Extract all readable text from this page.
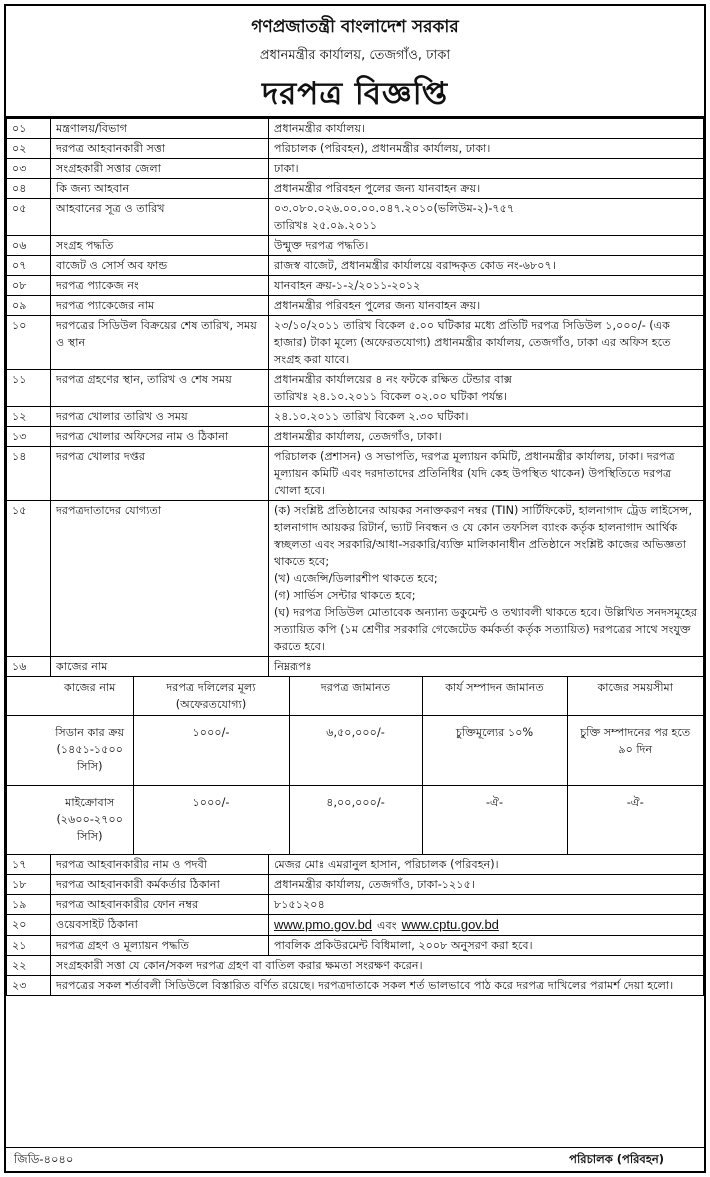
গণপ্রজাতন্ত্রী বাংলাদেশ সরকার
প্রধানমন্ত্রীর কার্যালয়, তেজগাঁও, ঢাকা
দরপত্র বিজ্ঞপ্তি
০১	মন্ত্রণালয়/বিভাগ	প্রধানমন্ত্রীর কার্যালয়।

০২	দরপত্র আহবানকারী সত্তা	পরিচালক (পরিবহন), প্রধানমন্ত্রীর কার্যালয়, ঢাকা।

০৩	সংগ্রহকারী সত্তার জেলা	ঢাকা।

০৪	কি জন্য আহবান	প্রধানমন্ত্রীর পরিবহন পুলের জন্য যানবাহন ক্রয়।

০৫	আহবানের সূত্র ও তারিখ	০৩.০৮০.০২৬.০০.০০.০৪৭.২০১০(ভলিউম-২)-৭৫৭
তারিখঃ ২৫.০৯.২০১১

০৬	সংগ্রহ পদ্ধতি	উন্মুক্ত দরপত্র পদ্ধতি।

০৭	বাজেট ও সোর্স অব ফান্ড	রাজস্ব বাজেট, প্রধানমন্ত্রীর কার্যালয়ে বরাদ্দকৃত কোড নং-৬৮০৭।

০৮	দরপত্র প্যাকেজ নং	যানবাহন ক্রয়-১-২/২০১১-২০১২

০৯	দরপত্র প্যাকেজের নাম	প্রধানমন্ত্রীর পরিবহন পুলের জন্য যানবাহন ক্রয়।

১০	দরপত্রের সিডিউল বিক্রয়ের শেষ তারিখ, সময় ও স্থান	
২৩/১০/২০১১ তারিখ বিকেল ৫.০০ ঘটিকার মধ্যে প্রতিটি দরপত্র সিডিউল ১,০০০/- (এক হাজার) টাকা মূল্যে (অফেরতযোগ্য) প্রধানমন্ত্রীর কার্যালয়, তেজগাঁও, ঢাকা এর অফিস হতে সংগ্রহ করা যাবে।

১১	দরপত্র গ্রহণের স্থান, তারিখ ও শেষ সময়	প্রধানমন্ত্রীর কার্যালয়ের ৪ নং ফটকে রক্ষিত টেন্ডার বাক্স
তারিখঃ ২৪.১০.২০১১ বিকেল ০২.০০ ঘটিকা পর্যন্ত।

১২	দরপত্র খোলার তারিখ ও সময়	২৪.১০.২০১১ তারিখ বিকেল ২.৩০ ঘটিকা।

১৩	দরপত্র খোলার অফিসের নাম ও ঠিকানা	প্রধানমন্ত্রীর কার্যালয়, তেজগাঁও, ঢাকা।

১৪	দরপত্র খোলার দপ্তর	পরিচালক (প্রশাসন) ও সভাপতি, দরপত্র মূল্যায়ন কমিটি, প্রধানমন্ত্রীর কার্যালয়, ঢাকা। দরপত্র মূল্যায়ন কমিটি এবং দরদাতাদের প্রতিনিধির (যদি কেহ উপস্থিত থাকেন) উপস্থিতিতে দরপত্র খোলা হবে।

১৫	দরপত্রদাতাদের যোগ্যতা	(ক) সংশ্লিষ্ট প্রতিষ্ঠানের আয়কর সনাক্তকরণ নম্বর (TIN) সার্টিফিকেট, হালনাগাদ ট্রেড লাইসেন্স, হালনাগাদ আয়কর রিটার্ন, ভ্যাট নিবন্ধন ও যে কোন তফসিল ব্যাংক কর্তৃক হালনাগাদ আর্থিক স্বচ্ছলতা এবং সরকারি/আধা-সরকারি/ব্যক্তি মালিকানাধীন প্রতিষ্ঠানে সংশ্লিষ্ট কাজের অভিজ্ঞতা থাকতে হবে;
(খ) এজেন্সি/ডিলারশীপ থাকতে হবে;
(গ) সার্ভিস সেন্টার থাকতে হবে;
(ঘ) দরপত্র সিডিউল মোতাবেক অন্যান্য ডকুমেন্ট ও তথ্যাবলী থাকতে হবে। উল্লিখিত সনদসমূহের সত্যায়িত কপি (১ম শ্রেণীর সরকারি গেজেটেড কর্মকর্তা কর্তৃক সত্যায়িত) দরপত্রের সাথে সংযুক্ত করতে হবে।

১৬	কাজের নাম	নিম্নরূপঃ

কাজের নাম	দরপত্র দলিলের মূল্য (অফেরতযোগ্য)	দরপত্র জামানত	কার্য সম্পাদন জামানত	কাজের সময়সীমা
সিডান কার ক্রয় (১৪৫১-১৫০০ সিসি)	১০০০/-	৬,৫০,০০০/-	চুক্তিমূল্যের ১০%	চুক্তি সম্পাদনের পর হতে ৯০ দিন
মাইক্রোবাস (২৬০০-২৭০০ সিসি)	১০০০/-	৪,০০,০০০/-	-ঐ-	-ঐ-

১৭	দরপত্র আহবানকারীর নাম ও পদবী	মেজর মোঃ এমরানুল হাসান, পরিচালক (পরিবহন)।

১৮	দরপত্র আহবানকারী কর্মকর্তার ঠিকানা	প্রধানমন্ত্রীর কার্যালয়, তেজগাঁও, ঢাকা-১২১৫।

১৯	দরপত্র আহবানকারীর ফোন নম্বর	৮১৫১২০৪

২০	ওয়েবসাইট ঠিকানা	www.pmo.gov.bd এবং www.cptu.gov.bd
২১	দরপত্র গ্রহণ ও মূল্যায়ন পদ্ধতি	পাবলিক প্রকিউরমেন্ট বিধিমালা, ২০০৮ অনুসরণ করা হবে।

২২	সংগ্রহকারী সত্তা যে কোন/সকল দরপত্র গ্রহণ বা বাতিল করার ক্ষমতা সংরক্ষণ করেন।
২৩	দরপত্রের সকল শর্তাবলী সিডিউলে বিস্তারিত বর্ণিত রয়েছে। দরপত্রদাতাকে সকল শর্ত ভালভাবে পাঠ করে দরপত্র দাখিলের পরামর্শ দেয়া হলো।
জিডি-৪০৪০	পরিচালক (পরিবহন)
